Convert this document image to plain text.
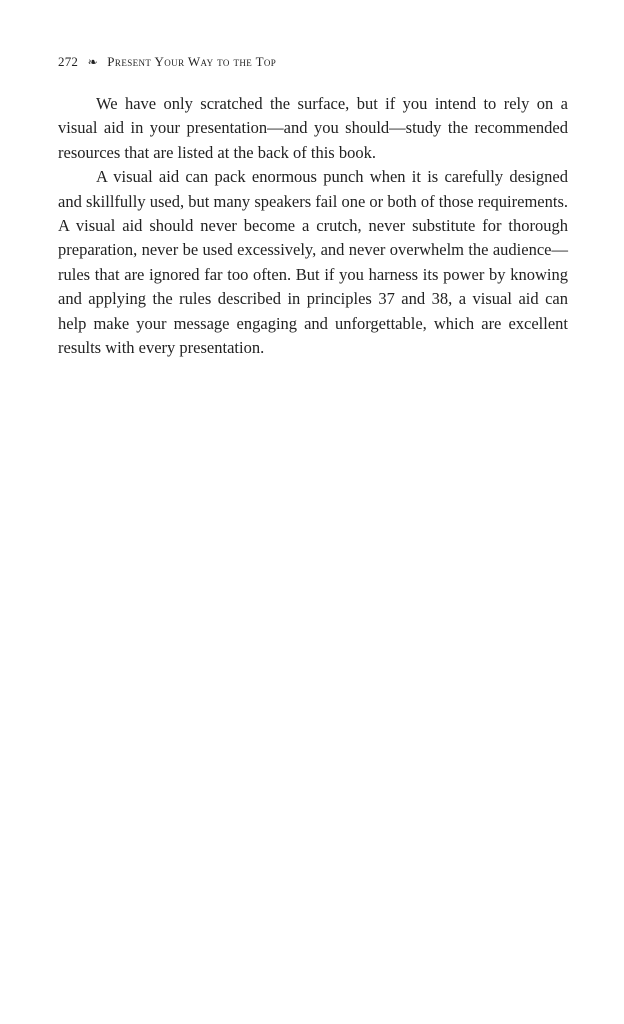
272 ❧ Present Your Way to the Top

We have only scratched the surface, but if you intend to rely on a visual aid in your presentation—and you should—study the recommended resources that are listed at the back of this book.

A visual aid can pack enormous punch when it is carefully designed and skillfully used, but many speakers fail one or both of those requirements. A visual aid should never become a crutch, never substitute for thorough preparation, never be used excessively, and never overwhelm the audience—rules that are ignored far too often. But if you harness its power by knowing and applying the rules described in principles 37 and 38, a visual aid can help make your message engaging and unforgettable, which are excellent results with every presentation.
